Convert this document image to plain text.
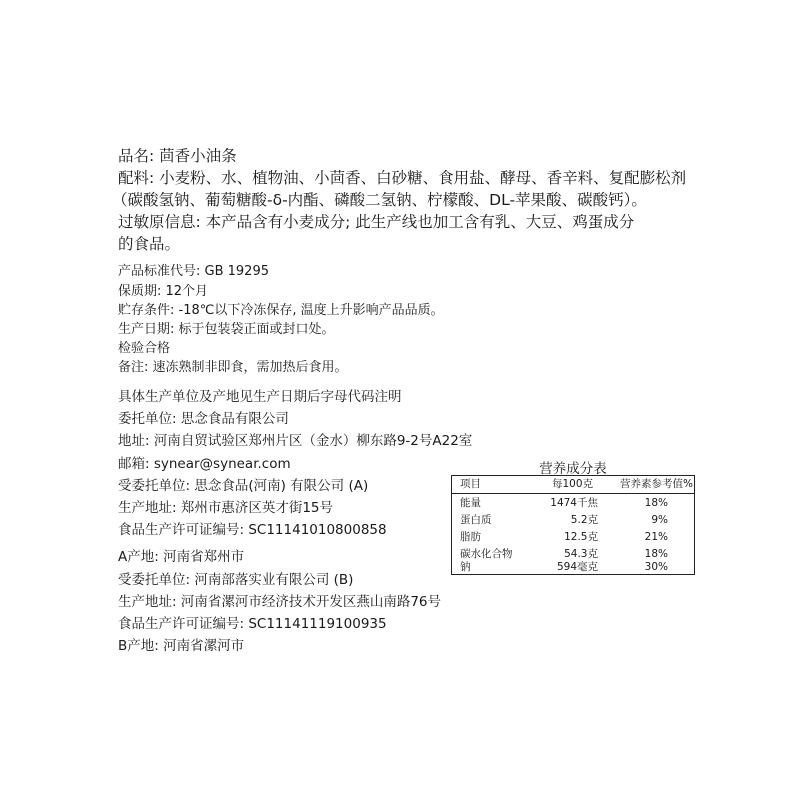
品名: 茴香小油条
配料: 小麦粉、水、植物油、小茴香、白砂糖、食用盐、酵母、香辛料、复配膨松剂
（碳酸氢钠、葡萄糖酸-δ-内酯、磷酸二氢钠、柠檬酸、DL-苹果酸、碳酸钙）。
过敏原信息: 本产品含有小麦成分; 此生产线也加工含有乳、大豆、鸡蛋成分
的食品。
产品标准代号: GB 19295
保质期: 12个月
贮存条件: -18℃以下冷冻保存, 温度上升影响产品品质。
生产日期: 标于包装袋正面或封口处。
检验合格
备注: 速冻熟制非即食，需加热后食用。
具体生产单位及产地见生产日期后字母代码注明
委托单位: 思念食品有限公司
地址: 河南自贸试验区郑州片区（金水）柳东路9-2号A22室
邮箱: synear@synear.com
受委托单位: 思念食品(河南) 有限公司 (A)
生产地址: 郑州市惠济区英才街15号
食品生产许可证编号: SC11141010800858
A产地: 河南省郑州市
受委托单位: 河南部落实业有限公司 (B)
生产地址: 河南省漯河市经济技术开发区燕山南路76号
食品生产许可证编号: SC11141119100935
B产地: 河南省漯河市
营养成分表
项目	每100克	营养素参考值%
能量	1474千焦	18%
蛋白质	5.2克	9%
脂肪	12.5克	21%
碳水化合物	54.3克	18%
钠	594毫克	30%
